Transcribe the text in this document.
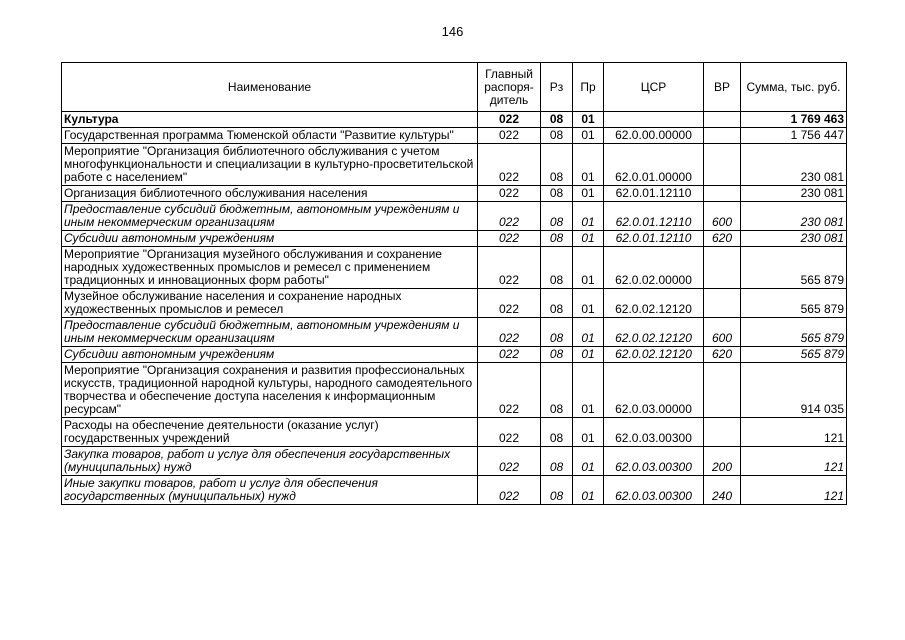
146
Наименование	Главный распоря-дитель	Рз	Пр	ЦСР	ВР	Сумма, тыс. руб.
Культура	022	08	01			1 769 463
Государственная программа Тюменской области "Развитие культуры"	022	08	01	62.0.00.00000		1 756 447
Мероприятие "Организация библиотечного обслуживания с учетом многофункциональности и специализации в культурно-просветительской работе с населением"	022	08	01	62.0.01.00000		230 081
Организация библиотечного обслуживания населения	022	08	01	62.0.01.12110		230 081
Предоставление субсидий бюджетным, автономным учреждениям и иным некоммерческим организациям	022	08	01	62.0.01.12110	600	230 081
Субсидии автономным учреждениям	022	08	01	62.0.01.12110	620	230 081
Мероприятие "Организация музейного обслуживания и сохранение народных художественных промыслов и ремесел с применением традиционных и инновационных форм работы"	022	08	01	62.0.02.00000		565 879
Музейное обслуживание населения и сохранение народных художественных промыслов и ремесел	022	08	01	62.0.02.12120		565 879
Предоставление субсидий бюджетным, автономным учреждениям и иным некоммерческим организациям	022	08	01	62.0.02.12120	600	565 879
Субсидии автономным учреждениям	022	08	01	62.0.02.12120	620	565 879
Мероприятие "Организация сохранения и развития профессиональных искусств, традиционной народной культуры, народного самодеятельного творчества и обеспечение доступа населения к информационным ресурсам"	022	08	01	62.0.03.00000		914 035
Расходы на обеспечение деятельности (оказание услуг) государственных учреждений	022	08	01	62.0.03.00300		121
Закупка товаров, работ и услуг для обеспечения государственных (муниципальных) нужд	022	08	01	62.0.03.00300	200	121
Иные закупки товаров, работ и услуг для обеспечения государственных (муниципальных) нужд	022	08	01	62.0.03.00300	240	121
